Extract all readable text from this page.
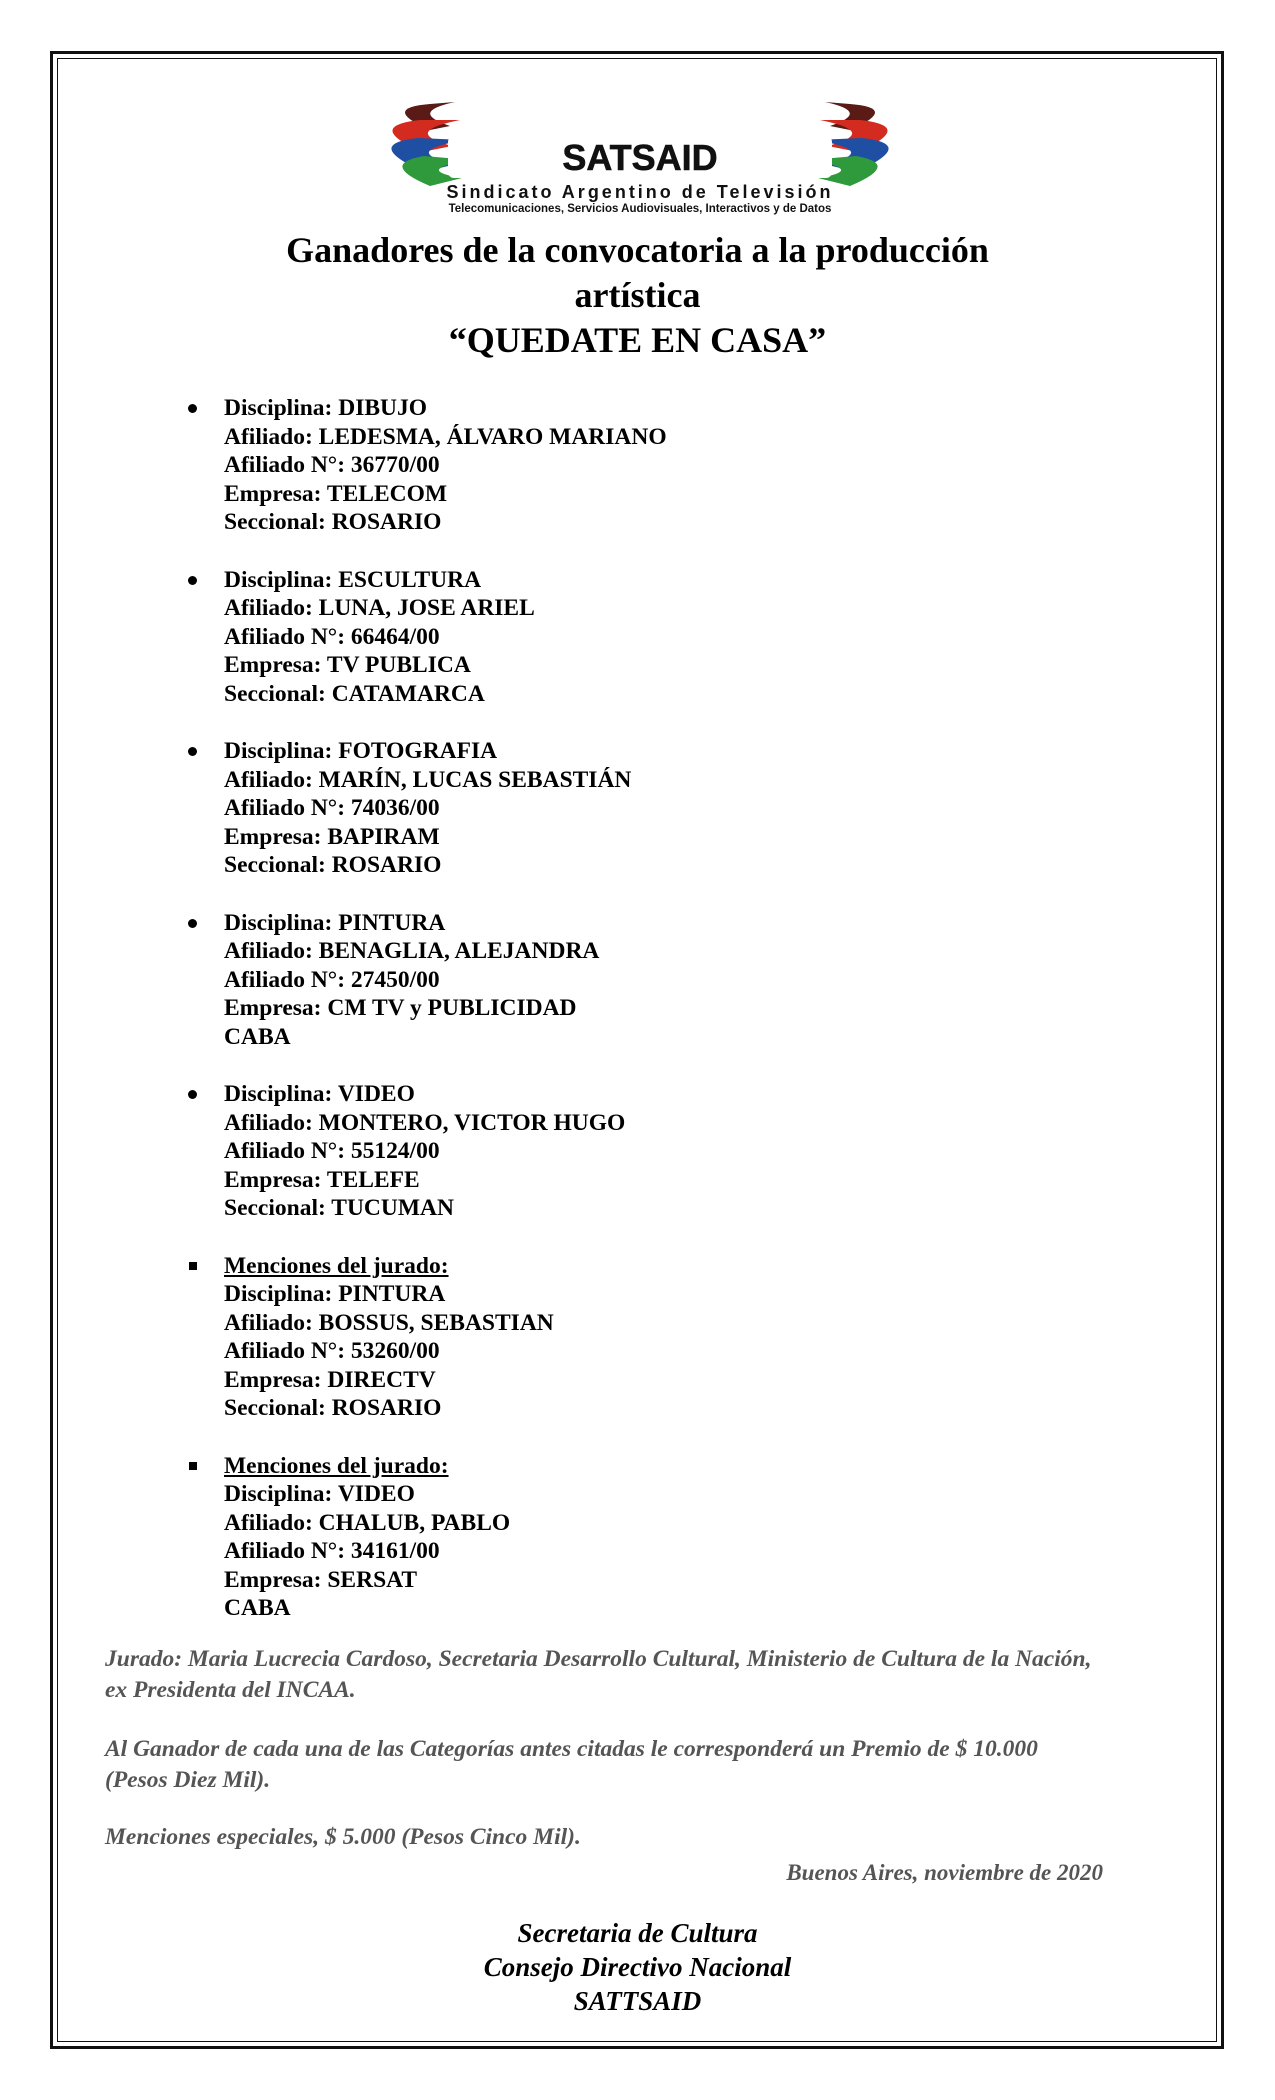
SATSAID
Sindicato Argentino de Televisión
Telecomunicaciones, Servicios Audiovisuales, Interactivos y de Datos
Ganadores de la convocatoria a la producción
artística
“QUEDATE EN CASA”
Disciplina: DIBUJO
Afiliado: LEDESMA, ÁLVARO MARIANO
Afiliado N°: 36770/00
Empresa: TELECOM
Seccional: ROSARIO
Disciplina: ESCULTURA
Afiliado: LUNA, JOSE ARIEL
Afiliado N°: 66464/00
Empresa: TV PUBLICA
Seccional: CATAMARCA
Disciplina: FOTOGRAFIA
Afiliado: MARÍN, LUCAS SEBASTIÁN
Afiliado N°: 74036/00
Empresa: BAPIRAM
Seccional: ROSARIO
Disciplina: PINTURA
Afiliado: BENAGLIA, ALEJANDRA
Afiliado N°: 27450/00
Empresa: CM TV y PUBLICIDAD
CABA
Disciplina: VIDEO
Afiliado: MONTERO, VICTOR HUGO
Afiliado N°: 55124/00
Empresa: TELEFE
Seccional: TUCUMAN
Menciones del jurado:
Disciplina: PINTURA
Afiliado: BOSSUS, SEBASTIAN
Afiliado N°: 53260/00
Empresa: DIRECTV
Seccional: ROSARIO
Menciones del jurado:
Disciplina: VIDEO
Afiliado: CHALUB, PABLO
Afiliado N°: 34161/00
Empresa: SERSAT
CABA
Jurado: Maria Lucrecia Cardoso, Secretaria Desarrollo Cultural, Ministerio de Cultura de la Nación, ex Presidenta del INCAA.
Al Ganador de cada una de las Categorías antes citadas le corresponderá un Premio de $ 10.000 (Pesos Diez Mil).
Menciones especiales, $ 5.000 (Pesos Cinco Mil).
Buenos Aires, noviembre de 2020
Secretaria de Cultura
Consejo Directivo Nacional
SATTSAID
